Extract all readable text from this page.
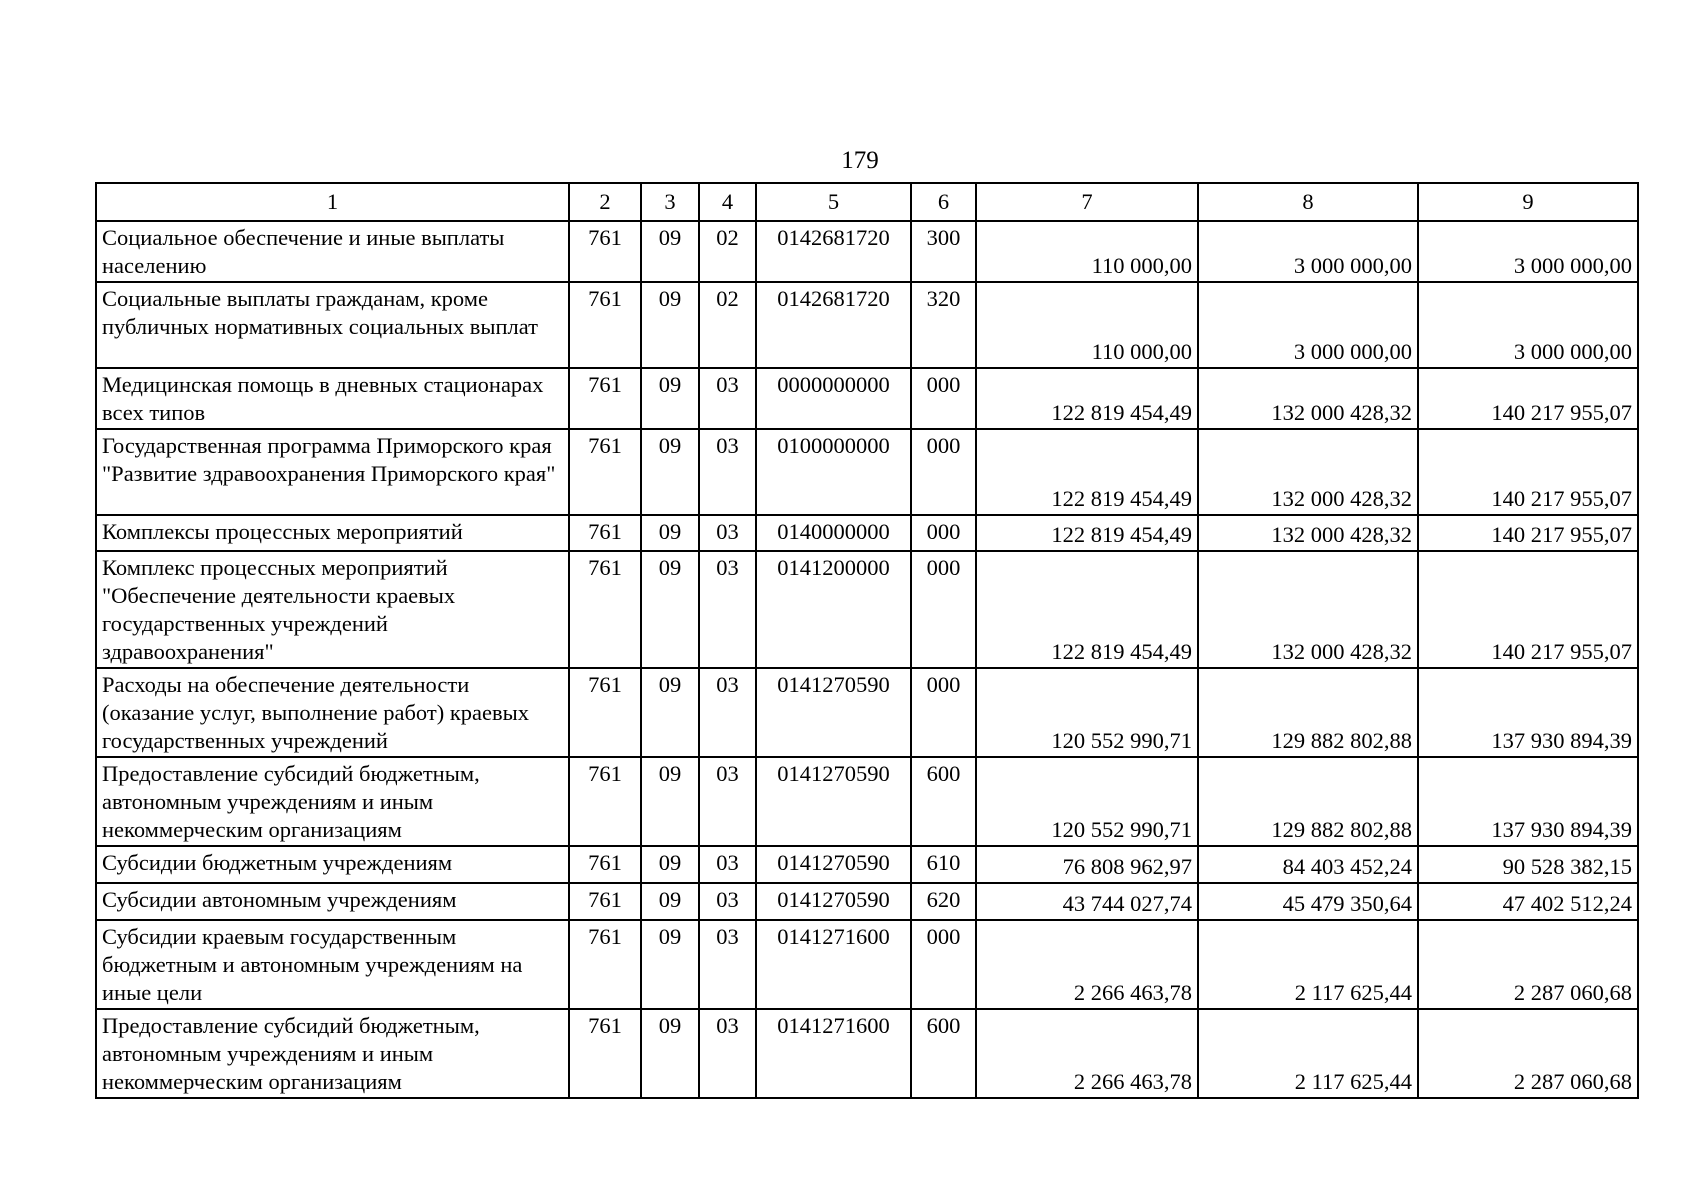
179
1	2	3	4	5	6	7	8	9
Социальное обеспечение и иные выплаты населению	761	09	02	0142681720	300	110 000,00	3 000 000,00	3 000 000,00
Социальные выплаты гражданам, кроме публичных нормативных социальных выплат	761	09	02	0142681720	320	110 000,00	3 000 000,00	3 000 000,00
Медицинская помощь в дневных стационарах всех типов	761	09	03	0000000000	000	122 819 454,49	132 000 428,32	140 217 955,07
Государственная программа Приморского края "Развитие здравоохранения Приморского края"	761	09	03	0100000000	000	122 819 454,49	132 000 428,32	140 217 955,07
Комплексы процессных мероприятий	761	09	03	0140000000	000	122 819 454,49	132 000 428,32	140 217 955,07
Комплекс процессных мероприятий "Обеспечение деятельности краевых государственных учреждений здравоохранения"	761	09	03	0141200000	000	122 819 454,49	132 000 428,32	140 217 955,07
Расходы на обеспечение деятельности (оказание услуг, выполнение работ) краевых государственных учреждений	761	09	03	0141270590	000	120 552 990,71	129 882 802,88	137 930 894,39
Предоставление субсидий бюджетным, автономным учреждениям и иным некоммерческим организациям	761	09	03	0141270590	600	120 552 990,71	129 882 802,88	137 930 894,39
Субсидии бюджетным учреждениям	761	09	03	0141270590	610	76 808 962,97	84 403 452,24	90 528 382,15
Субсидии автономным учреждениям	761	09	03	0141270590	620	43 744 027,74	45 479 350,64	47 402 512,24
Субсидии краевым государственным бюджетным и автономным учреждениям на иные цели	761	09	03	0141271600	000	2 266 463,78	2 117 625,44	2 287 060,68
Предоставление субсидий бюджетным, автономным учреждениям и иным некоммерческим организациям	761	09	03	0141271600	600	2 266 463,78	2 117 625,44	2 287 060,68
